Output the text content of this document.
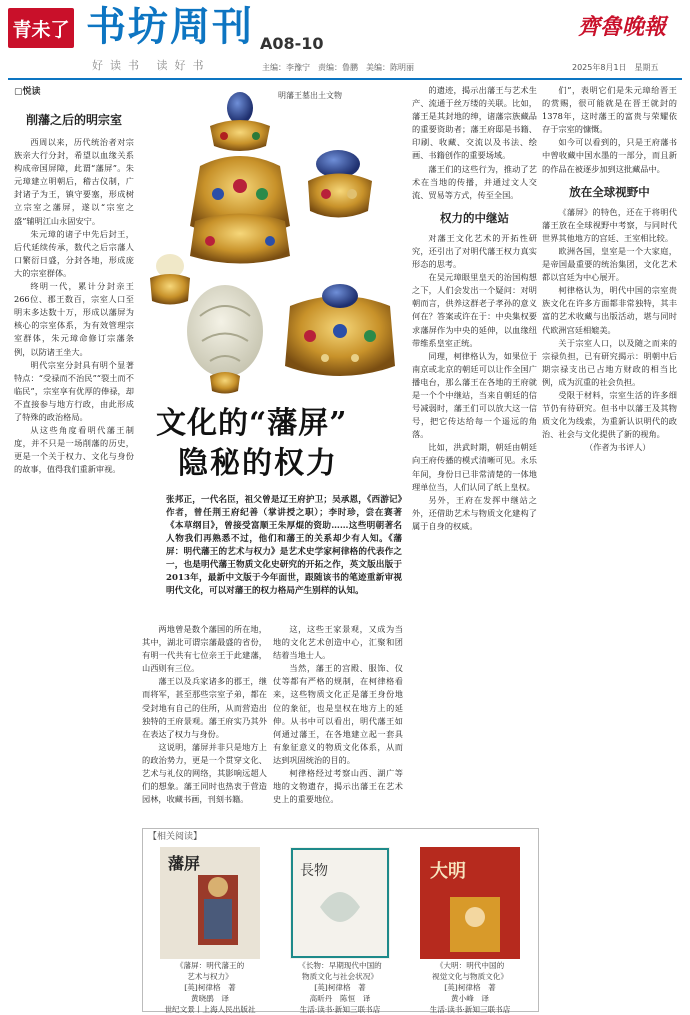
青未了 书坊周刊 A08-10
好读书 读好书
齊魯晚報
主编：李豫宁　责编：鲁鹏　美编：陈明丽	2025年8月1日　星期五
▢悦读
削藩之后的明宗室

西周以来，历代统治者对宗族亲大行分封，希望以血缘关系构成帝国屏障，此谓“藩屏”。朱元璋建立明朝后，稽古仪制，广封诸子为王，镇守要塞，形成树立宗室之藩屏，遂以“宗室之盛”辅明江山永固安宁。

朱元璋的诸子中先后封王，后代延续传承，数代之后宗藩人口繁衍日盛，分封各地，形成庞大的宗室群体。

终明一代，累计分封亲王266位、郡王数百，宗室人口至明末多达数十万，形成以藩屏为核心的宗室体系，为有效管理宗室群体，朱元璋命修订宗藩条例，以防诸王坐大。

明代宗室分封具有明个显著特点：“受禄而不治民”“裂土而不临民”，宗室享有优厚的俸禄，却不直接参与地方行政，由此形成了特殊的政治格局。

从这些角度看明代藩王制度，并不只是一场削藩的历史，更是一个关于权力、文化与身份的故事，值得我们重新审视。

明藩王墓出土文物
文化的“藩屏”
隐秘的权力
张邦正，一代名臣，祖父曾是辽王府护卫；吴承恩，《西游记》作者，曾任荆王府纪善（掌讲授之职）；李时珍，尝在赛著《本草纲目》，曾接受富顺王朱厚焜的资助……这些明朝著名人物我们再熟悉不过，他们和藩王的关系却少有人知。《藩屏：明代藩王的艺术与权力》是艺术史学家柯律格的代表作之一，也是明代藩王物质文化史研究的开拓之作，英文版出版于2013年，最新中文版于今年面世，跟随该书的笔迹重新审视明代文化，可以对藩王的权力格局产生别样的认知。

两地曾是数个藩国的所在地，其中，湖北可谓宗藩最盛的省份，有明一代共有七位亲王于此建藩，山西则有三位。

藩王以及兵家诸多的郡王，继而将军，甚至那些宗室子弟，都在受封地有自己的住所，从而营造出独特的王府景观。藩王府实乃其外在表达了权力与身份。

这说明，藩屏并非只是地方上的政治势力，更是一个贯穿文化、艺术与礼仪的网络，其影响远超人们的想象。藩王同时也热衷于营造园林，收藏书画，刊刻书籍。

这，这些王家景观，又成为当地的文化艺术创造中心，汇聚和团结着当地士人。

当然，藩王的宫殿、服饰、仪仗等都有严格的规制，在柯律格看来，这些物质文化正是藩王身份地位的象征，也是皇权在地方上的延伸。从书中可以看出，明代藩王如何通过藩王，在各地建立起一套具有象征意义的物质文化体系，从而达到巩固统治的目的。

柯律格经过考察山西、湖广等地的文物遗存，揭示出藩王在艺术史上的重要地位。

的遗迹，揭示出藩王与艺术生产、流通于丝万缕的关联。比如，藩王是其封地的绅，诸藩宗族藏品的重要资助者；藩王府邸是书籍、印刷、收藏、交流以及书法、绘画、书籍创作的重要场域。

藩王们的这些行为，推动了艺术在当地的传播，并通过文人交流、贸易等方式，传至全国。

权力的中继站

对藩王文化艺术的开拓性研究，还引出了对明代藩王权力真实形态的思考。

在吴元璋眼里皇天的治国构想之下，人们会发出一个疑问：对明朝而言，供养这群老子孝孙的意义何在？答案或许在于：中央集权要求藩屏作为中央的延伸，以血缘纽带维系皇室正统。

同理，柯律格认为，如果位于南京或北京的朝廷可以让作全国广播电台，那么藩王在各地的王府就是一个个中继站，当来自朝廷的信号减弱时，藩王们可以放大这一信号，把它传达给每一个遥远的角落。

比如，洪武时期，朝廷由朝廷向王府传播的模式清晰可见。永乐年间，身份日已非常清楚的一体地理单位当，人们认同了纸上皇权。

另外，王府在发挥中继站之外，还借助艺术与物质文化建构了属于自身的权威。

们”，表明它们是朱元璋给晋王的赏赐，很可能就是在晋王就封的1378年，这时藩王的富贵与荣耀依存于宗室的慷慨。

如今可以看到的，只是王府藩书中曾收藏中国水墨的一部分，而且新的作品在被逐步加到这批藏品中。

放在全球视野中

《藩屏》的特色，还在于将明代藩王放在全球视野中考察，与同时代世界其他地方的宫廷、王室相比较。

欧洲各国，皇室是一个大家庭，是帝国最重要的统治集团，文化艺术都以宫廷为中心展开。

柯律格认为，明代中国的宗室贵族文化在许多方面都非常独特，其丰富的艺术收藏与出版活动，堪与同时代欧洲宫廷相媲美。

关于宗室人口，以及随之而来的宗禄负担，已有研究揭示：明朝中后期宗禄支出已占地方财政的相当比例，成为沉重的社会负担。

受限于材料，宗室生活的许多细节仍有待研究。但书中以藩王及其物质文化为线索，为重新认识明代的政治、社会与文化提供了新的视角。

（作者为书评人）

【相关阅读】
藩屏
《藩屏：明代藩王的
艺术与权力》
[英]柯律格　著
黄晓鹃　译
世纪文景丨上海人民出版社
長物
《长物：早期现代中国的
物质文化与社会状况》
[英]柯律格　著
高昕丹　陈恒　译
生活·读书·新知三联书店
大明
《大明：明代中国的
视觉文化与物质文化》
[英]柯律格　著
黄小峰　译
生活·读书·新知三联书店
